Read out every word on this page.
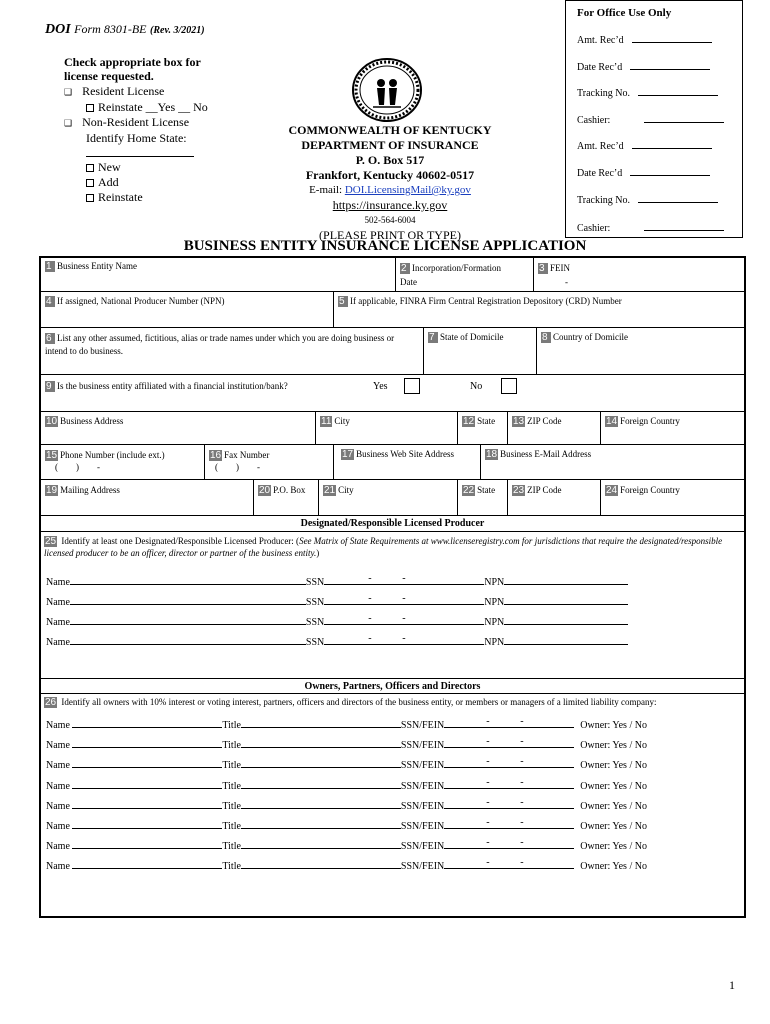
DOI Form 8301-BE (Rev. 3/2021)
Check appropriate box for license requested.
❑ Resident License
Reinstate __Yes __ No
❑ Non-Resident License
Identify Home State:
New
Add
Reinstate
COMMONWEALTH OF KENTUCKY
DEPARTMENT OF INSURANCE
P. O. Box 517
Frankfort, Kentucky 40602-0517
E-mail: DOI.LicensingMail@ky.gov
https://insurance.ky.gov
502-564-6004
(PLEASE PRINT OR TYPE)
For Office Use Only
Amt. Rec’d
Date Rec’d
Tracking No.
Cashier:
Amt. Rec’d
Date Rec’d
Tracking No.
Cashier:
BUSINESS ENTITY INSURANCE LICENSE APPLICATION
1 Business Entity Name	2 Incorporation/Formation
Date
3 FEIN
-
4 If assigned, National Producer Number (NPN)	5 If applicable, FINRA Firm Central Registration Depository (CRD) Number
6 List any other assumed, fictitious, alias or trade names under which you are doing business or intend to do business.
7 State of Domicile	8 Country of Domicile
9 Is the business entity affiliated with a financial institution/bank?	Yes	No
10 Business Address	11 City	12 State	13 ZIP Code	14 Foreign Country
15 Phone Number (include ext.)
(        )        -
16 Fax Number
(        )        -
17 Business Web Site Address	18 Business E-Mail Address
19 Mailing Address	20 P.O. Box	21 City	22 State	23 ZIP Code	24 Foreign Country
Designated/Responsible Licensed Producer
25 Identify at least one Designated/Responsible Licensed Producer: (See Matrix of State Requirements at www.licenseregistry.com for jurisdictions that require the designated/responsible licensed producer to be an officer, director or partner of the business entity.)
Name	SSN	-	-	NPN
Name	SSN	-	-	NPN
Name	SSN	-	-	NPN
Name	SSN	-	-	NPN
Owners, Partners, Officers and Directors
26 Identify all owners with 10% interest or voting interest, partners, officers and directors of the business entity, or members or managers of a limited liability company:
Name	Title	SSN/FEIN	-	-	Owner: Yes / No
Name	Title	SSN/FEIN	-	-	Owner: Yes / No
Name	Title	SSN/FEIN	-	-	Owner: Yes / No
Name	Title	SSN/FEIN	-	-	Owner: Yes / No
Name	Title	SSN/FEIN	-	-	Owner: Yes / No
Name	Title	SSN/FEIN	-	-	Owner: Yes / No
Name	Title	SSN/FEIN	-	-	Owner: Yes / No
Name	Title	SSN/FEIN	-	-	Owner: Yes / No
1
